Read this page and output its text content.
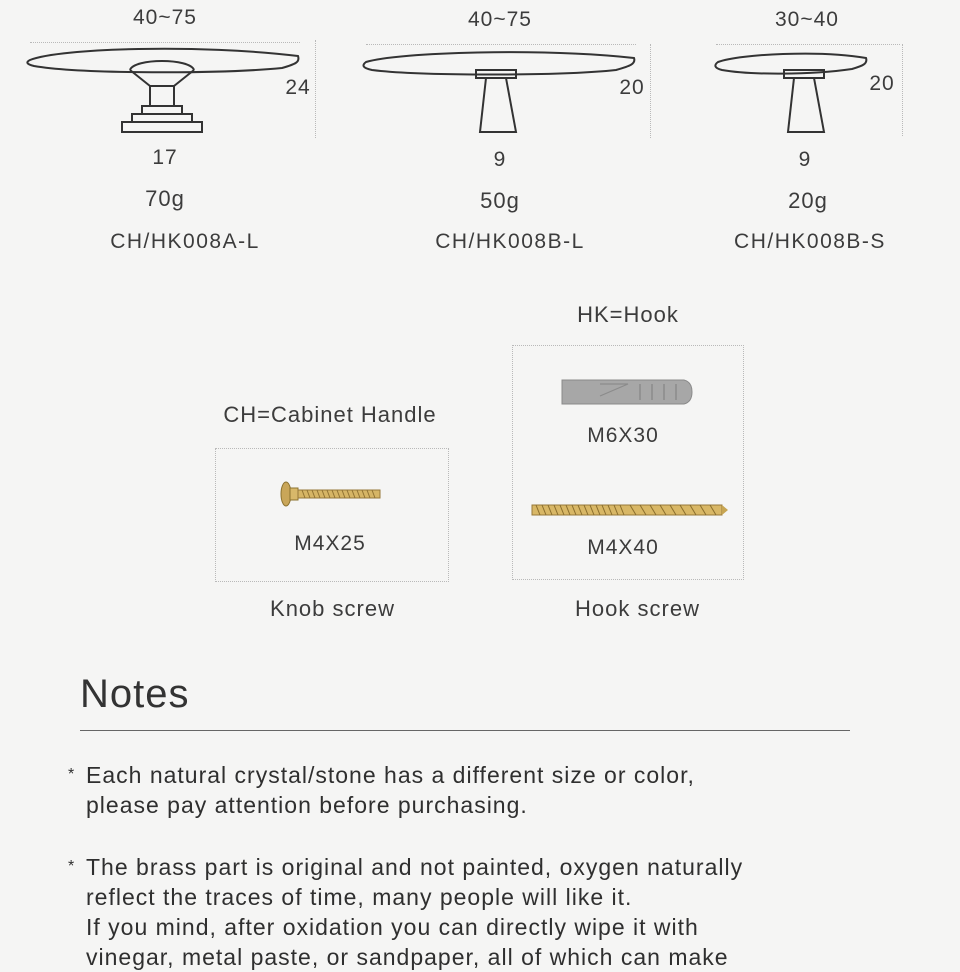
40~75
24
17
70g
CH/HK008A-L
40~75
20
9
50g
CH/HK008B-L
30~40
20
9
20g
CH/HK008B-S
HK=Hook
CH=Cabinet Handle
M4X25
Knob screw
M6X30
M4X40
Hook screw
Notes
* Each natural crystal/stone has a different size or color,
please pay attention before purchasing.
* The brass part is original and not painted, oxygen naturally
reflect the traces of time, many people will like it.
If you mind, after oxidation you can directly wipe it with
vinegar, metal paste, or sandpaper, all of which can make
